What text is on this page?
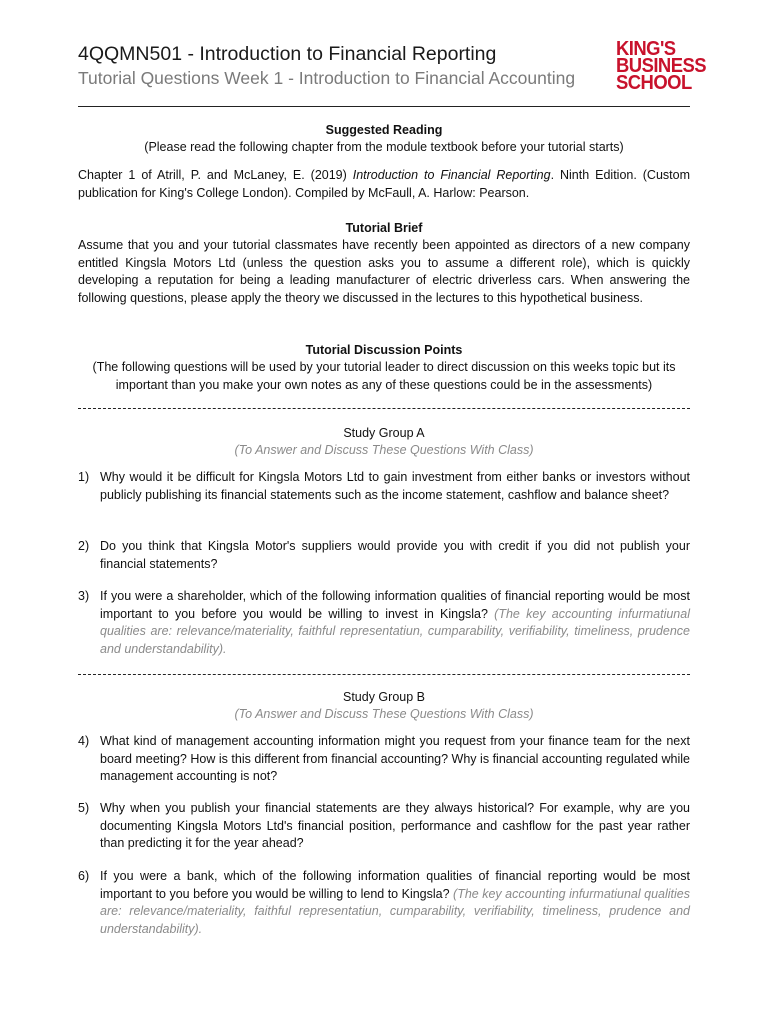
4QQMN501 - Introduction to Financial Reporting
Tutorial Questions Week 1 - Introduction to Financial Accounting
KING'S
BUSINESS
SCHOOL
Suggested Reading
(Please read the following chapter from the module textbook before your tutorial starts)
Chapter 1 of Atrill, P. and McLaney, E. (2019) Introduction to Financial Reporting. Ninth Edition. (Custom publication for King's College London). Compiled by McFaull, A. Harlow: Pearson.
Tutorial Brief
Assume that you and your tutorial classmates have recently been appointed as directors of a new company entitled Kingsla Motors Ltd (unless the question asks you to assume a different role), which is quickly developing a reputation for being a leading manufacturer of electric driverless cars. When answering the following questions, please apply the theory we discussed in the lectures to this hypothetical business.
Tutorial Discussion Points
(The following questions will be used by your tutorial leader to direct discussion on this weeks topic but its important than you make your own notes as any of these questions could be in the assessments)
Study Group A
(To Answer and Discuss These Questions With Class)
1) Why would it be difficult for Kingsla Motors Ltd to gain investment from either banks or investors without publicly publishing its financial statements such as the income statement, cashflow and balance sheet?
2) Do you think that Kingsla Motor's suppliers would provide you with credit if you did not publish your financial statements?
3) If you were a shareholder, which of the following information qualities of financial reporting would be most important to you before you would be willing to invest in Kingsla? (The key accounting infurmatiunal qualities are: relevance/materiality, faithful representatiun, cumparability, verifiability, timeliness, prudence and understandability).
Study Group B
(To Answer and Discuss These Questions With Class)
4) What kind of management accounting information might you request from your finance team for the next board meeting? How is this different from financial accounting? Why is financial accounting regulated while management accounting is not?
5) Why when you publish your financial statements are they always historical? For example, why are you documenting Kingsla Motors Ltd's financial position, performance and cashflow for the past year rather than predicting it for the year ahead?
6) If you were a bank, which of the following information qualities of financial reporting would be most important to you before you would be willing to lend to Kingsla? (The key accounting infurmatiunal qualities are: relevance/materiality, faithful representatiun, cumparability, verifiability, timeliness, prudence and understandability).
